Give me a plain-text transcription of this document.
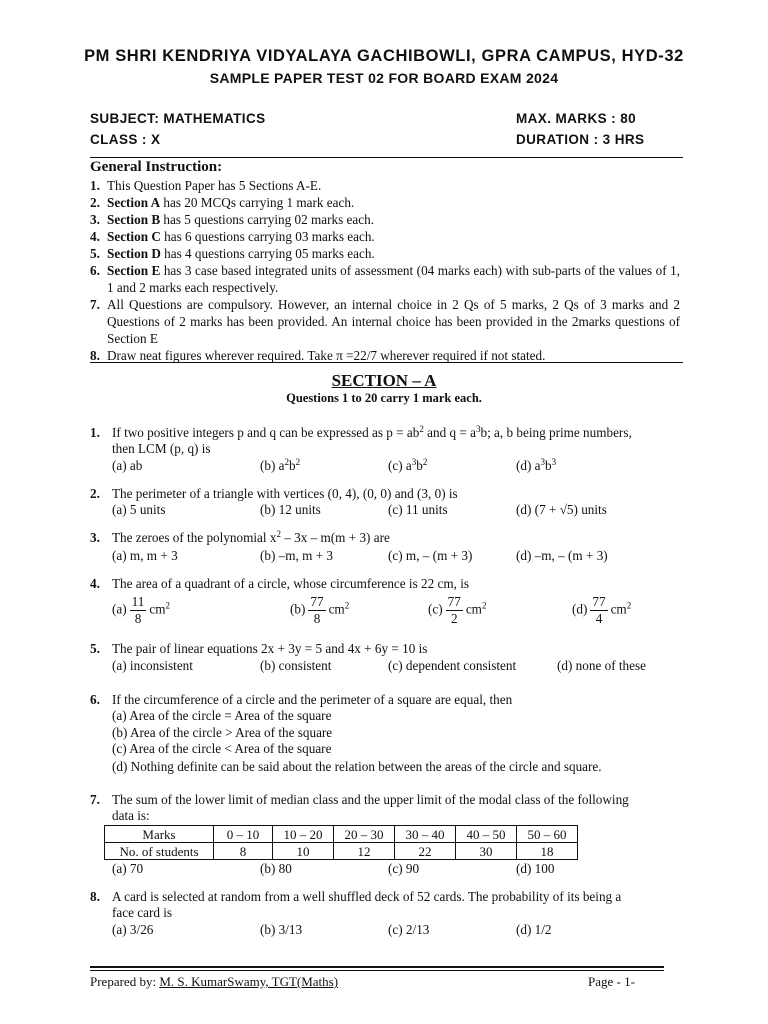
PM SHRI KENDRIYA VIDYALAYA GACHIBOWLI, GPRA CAMPUS, HYD-32
SAMPLE PAPER TEST 02 FOR BOARD EXAM 2024
SUBJECT: MATHEMATICS
CLASS : X
MAX. MARKS : 80
DURATION : 3 HRS
General Instruction:
1. This Question Paper has 5 Sections A-E.
2. Section A has 20 MCQs carrying 1 mark each.
3. Section B has 5 questions carrying 02 marks each.
4. Section C has 6 questions carrying 03 marks each.
5. Section D has 4 questions carrying 05 marks each.
6. Section E has 3 case based integrated units of assessment (04 marks each) with sub-parts of the values of 1, 1 and 2 marks each respectively.
7. All Questions are compulsory. However, an internal choice in 2 Qs of 5 marks, 2 Qs of 3 marks and 2 Questions of 2 marks has been provided. An internal choice has been provided in the 2marks questions of Section E
8. Draw neat figures wherever required. Take π =22/7 wherever required if not stated.
SECTION – A
Questions 1 to 20 carry 1 mark each.
1. If two positive integers p and q can be expressed as $p = ab^2$ and $q = a^3b$; a, b being prime numbers,
then LCM (p, q) is
(a) ab	(b) $a^2b^2$	(c) $a^3b^2$	(d) $a^3b^3$
2. The perimeter of a triangle with vertices (0, 4), (0, 0) and (3, 0) is
(a) 5 units	(b) 12 units	(c) 11 units	(d) (7 + √5) units
3. The zeroes of the polynomial $x^2 - 3x - m(m + 3)$ are
(a) m, m + 3	(b) –m, m + 3	(c) m, – (m + 3)	(d) –m, – (m + 3)
4. The area of a quadrant of a circle, whose circumference is 22 cm, is
$(a) \frac{11}{8} cm^2$	$(b) \frac{77}{8} cm^2$	$(c) \frac{77}{2} cm^2$	$(d) \frac{77}{4} cm^2$
5. The pair of linear equations 2x + 3y = 5 and 4x + 6y = 10 is
(a) inconsistent	(b) consistent	(c) dependent consistent	(d) none of these
6. If the circumference of a circle and the perimeter of a square are equal, then
(a) Area of the circle = Area of the square
(b) Area of the circle > Area of the square
(c) Area of the circle < Area of the square
(d) Nothing definite can be said about the relation between the areas of the circle and square.
7. The sum of the lower limit of median class and the upper limit of the modal class of the following
data is:
Marks	0 – 10	10 – 20	20 – 30	30 – 40	40 – 50	50 – 60
No. of students	8	10	12	22	30	18
(a) 70	(b) 80	(c) 90	(d) 100
8. A card is selected at random from a well shuffled deck of 52 cards. The probability of its being a
face card is
(a) 3/26	(b) 3/13	(c) 2/13	(d) 1/2
Prepared by: M. S. KumarSwamy, TGT(Maths)	Page - 1-
